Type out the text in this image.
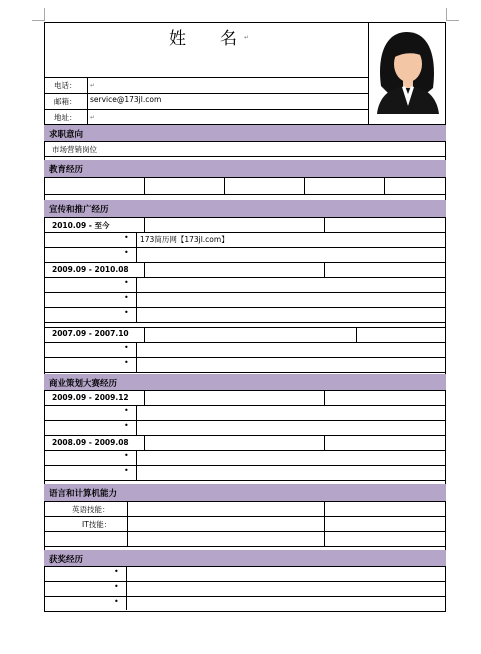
姓　　名 ↵
电话： ↵
邮箱： service@173jl.com
地址： ↵
求职意向
市场营销岗位
教育经历
宣传和推广经历
2010.09 - 至今
• 173简历网【173jl.com】
•
2009.09 - 2010.08
•
•
•
2007.09 - 2007.10
•
•
商业策划大赛经历
2009.09 - 2009.12
•
•
2008.09 - 2009.08
•
•
语言和计算机能力
英语技能：
IT技能：
获奖经历
•
•
•
